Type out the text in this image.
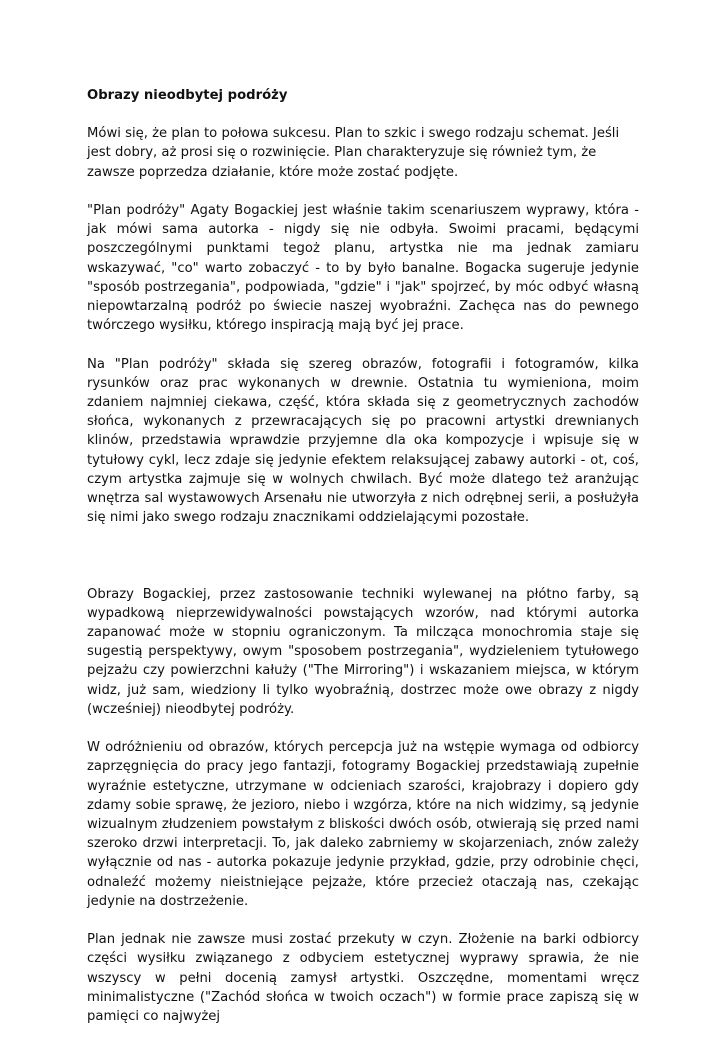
Obrazy nieodbytej podróży

Mówi się, że plan to połowa sukcesu. Plan to szkic i swego rodzaju schemat. Jeśli jest dobry, aż prosi się o rozwinięcie. Plan charakteryzuje się również tym, że zawsze poprzedza działanie, które może zostać podjęte.

"Plan podróży" Agaty Bogackiej jest właśnie takim scenariuszem wyprawy, która - jak mówi sama autorka - nigdy się nie odbyła. Swoimi pracami, będącymi poszczególnymi punktami tegoż planu, artystka nie ma jednak zamiaru wskazywać, "co" warto zobaczyć - to by było banalne. Bogacka sugeruje jedynie "sposób postrzegania", podpowiada, "gdzie" i "jak" spojrzeć, by móc odbyć własną niepowtarzalną podróż po świecie naszej wyobraźni. Zachęca nas do pewnego twórczego wysiłku, którego inspiracją mają być jej prace.

Na "Plan podróży" składa się szereg obrazów, fotografii i fotogramów, kilka rysunków oraz prac wykonanych w drewnie. Ostatnia tu wymieniona, moim zdaniem najmniej ciekawa, część, która składa się z geometrycznych zachodów słońca, wykonanych z przewracających się po pracowni artystki drewnianych klinów, przedstawia wprawdzie przyjemne dla oka kompozycje i wpisuje się w tytułowy cykl, lecz zdaje się jedynie efektem relaksującej zabawy autorki - ot, coś, czym artystka zajmuje się w wolnych chwilach. Być może dlatego też aranżując wnętrza sal wystawowych Arsenału nie utworzyła z nich odrębnej serii, a posłużyła się nimi jako swego rodzaju znacznikami oddzielającymi pozostałe.

Obrazy Bogackiej, przez zastosowanie techniki wylewanej na płótno farby, są wypadkową nieprzewidywalności powstających wzorów, nad którymi autorka zapanować może w stopniu ograniczonym. Ta milcząca monochromia staje się sugestią perspektywy, owym "sposobem postrzegania", wydzieleniem tytułowego pejzażu czy powierzchni kałuży ("The Mirroring") i wskazaniem miejsca, w którym widz, już sam, wiedziony li tylko wyobraźnią, dostrzec może owe obrazy z nigdy (wcześniej) nieodbytej podróży.

W odróżnieniu od obrazów, których percepcja już na wstępie wymaga od odbiorcy zaprzęgnięcia do pracy jego fantazji, fotogramy Bogackiej przedstawiają zupełnie wyraźnie estetyczne, utrzymane w odcieniach szarości, krajobrazy i dopiero gdy zdamy sobie sprawę, że jezioro, niebo i wzgórza, które na nich widzimy, są jedynie wizualnym złudzeniem powstałym z bliskości dwóch osób, otwierają się przed nami szeroko drzwi interpretacji. To, jak daleko zabrniemy w skojarzeniach, znów zależy wyłącznie od nas - autorka pokazuje jedynie przykład, gdzie, przy odrobinie chęci, odnaleźć możemy nieistniejące pejzaże, które przecież otaczają nas, czekając jedynie na dostrzeżenie.

Plan jednak nie zawsze musi zostać przekuty w czyn. Złożenie na barki odbiorcy części wysiłku związanego z odbyciem estetycznej wyprawy sprawia, że nie wszyscy w pełni docenią zamysł artystki. Oszczędne, momentami wręcz minimalistyczne ("Zachód słońca w twoich oczach") w formie prace zapiszą się w pamięci co najwyżej
